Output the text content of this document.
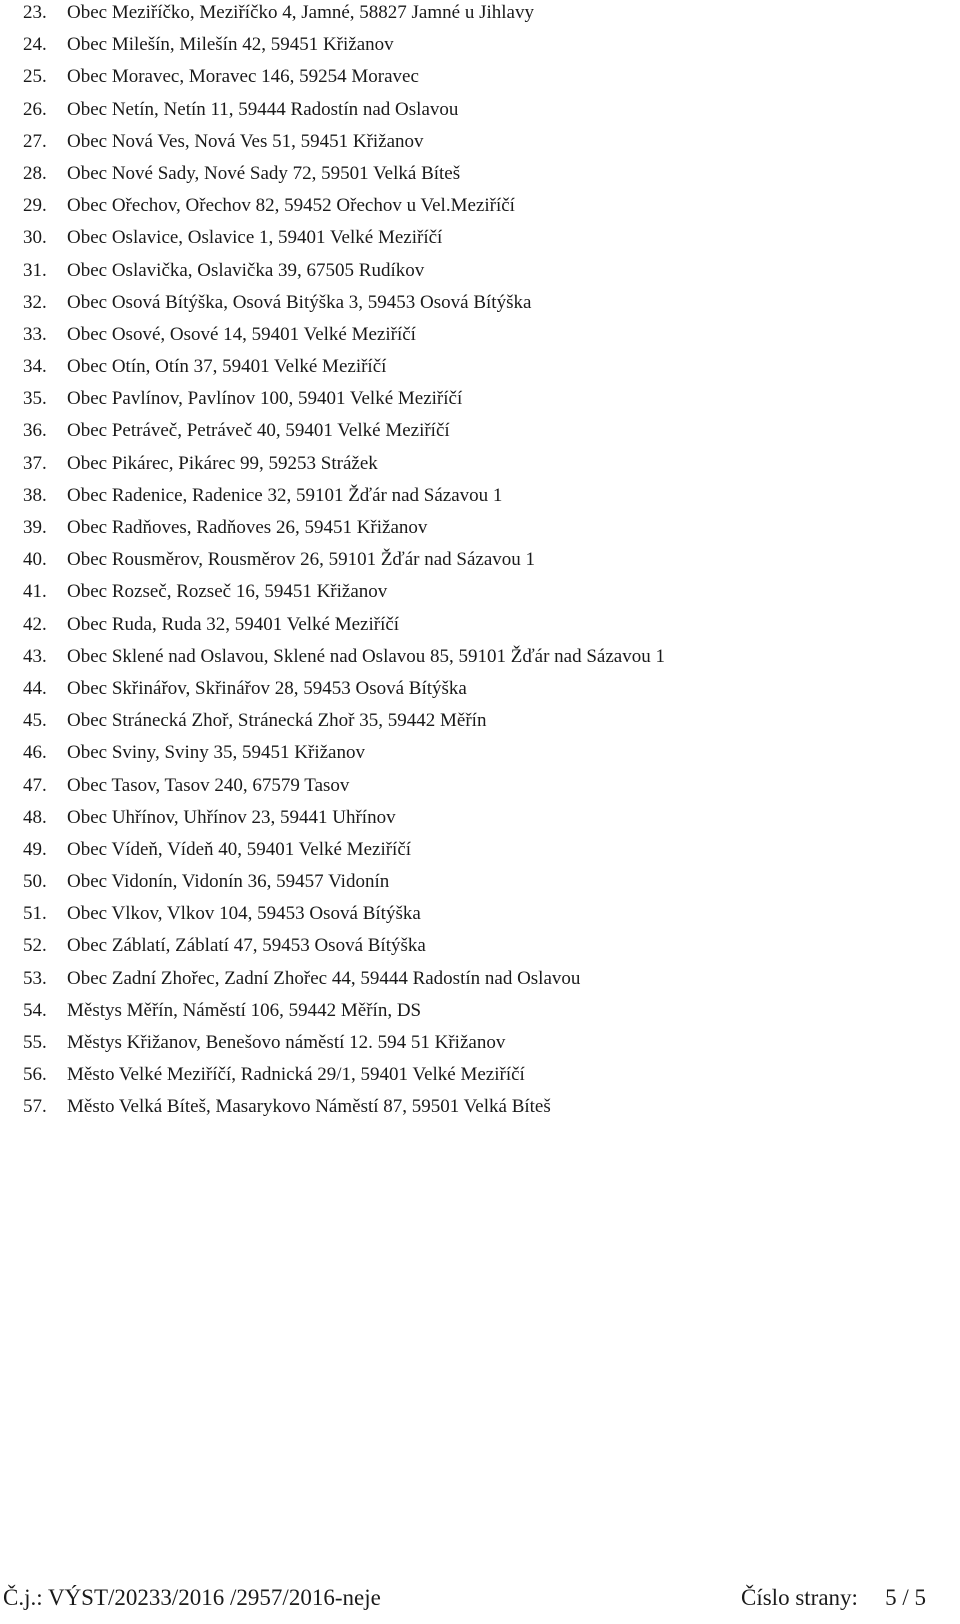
23.	Obec Meziříčko, Meziříčko 4, Jamné, 58827 Jamné u Jihlavy
24.	Obec Milešín, Milešín 42, 59451 Křižanov
25.	Obec Moravec, Moravec 146, 59254 Moravec
26.	Obec Netín, Netín 11, 59444 Radostín nad Oslavou
27.	Obec Nová Ves, Nová Ves 51, 59451 Křižanov
28.	Obec Nové Sady, Nové Sady 72, 59501 Velká Bíteš
29.	Obec Ořechov, Ořechov 82, 59452 Ořechov u Vel.Meziříčí
30.	Obec Oslavice, Oslavice 1, 59401 Velké Meziříčí
31.	Obec Oslavička, Oslavička 39, 67505 Rudíkov
32.	Obec Osová Bítýška, Osová Bitýška 3, 59453 Osová Bítýška
33.	Obec Osové, Osové 14, 59401 Velké Meziříčí
34.	Obec Otín, Otín 37, 59401 Velké Meziříčí
35.	Obec Pavlínov, Pavlínov 100, 59401 Velké Meziříčí
36.	Obec Petráveč, Petráveč 40, 59401 Velké Meziříčí
37.	Obec Pikárec, Pikárec 99, 59253 Strážek
38.	Obec Radenice, Radenice 32, 59101 Žďár nad Sázavou 1
39.	Obec Radňoves, Radňoves 26, 59451 Křižanov
40.	Obec Rousměrov, Rousměrov 26, 59101 Žďár nad Sázavou 1
41.	Obec Rozseč, Rozseč 16, 59451 Křižanov
42.	Obec Ruda, Ruda 32, 59401 Velké Meziříčí
43.	Obec Sklené nad Oslavou, Sklené nad Oslavou 85, 59101 Žďár nad Sázavou 1
44.	Obec Skřinářov, Skřinářov 28, 59453 Osová Bítýška
45.	Obec Stránecká Zhoř, Stránecká Zhoř 35, 59442 Měřín
46.	Obec Sviny, Sviny 35, 59451 Křižanov
47.	Obec Tasov, Tasov 240, 67579 Tasov
48.	Obec Uhřínov, Uhřínov 23, 59441 Uhřínov
49.	Obec Vídeň, Vídeň 40, 59401 Velké Meziříčí
50.	Obec Vidonín, Vidonín 36, 59457 Vidonín
51.	Obec Vlkov, Vlkov 104, 59453 Osová Bítýška
52.	Obec Záblatí, Záblatí 47, 59453 Osová Bítýška
53.	Obec Zadní Zhořec, Zadní Zhořec 44, 59444 Radostín nad Oslavou
54.	Městys Měřín, Náměstí 106, 59442 Měřín, DS
55.	Městys Křižanov, Benešovo náměstí 12. 594 51 Křižanov
56.	Město Velké Meziříčí, Radnická 29/1, 59401 Velké Meziříčí
57.	Město Velká Bíteš, Masarykovo Náměstí 87, 59501 Velká Bíteš
Č.j.: VÝST/20233/2016 /2957/2016-neje	Číslo strany: 5 / 5
